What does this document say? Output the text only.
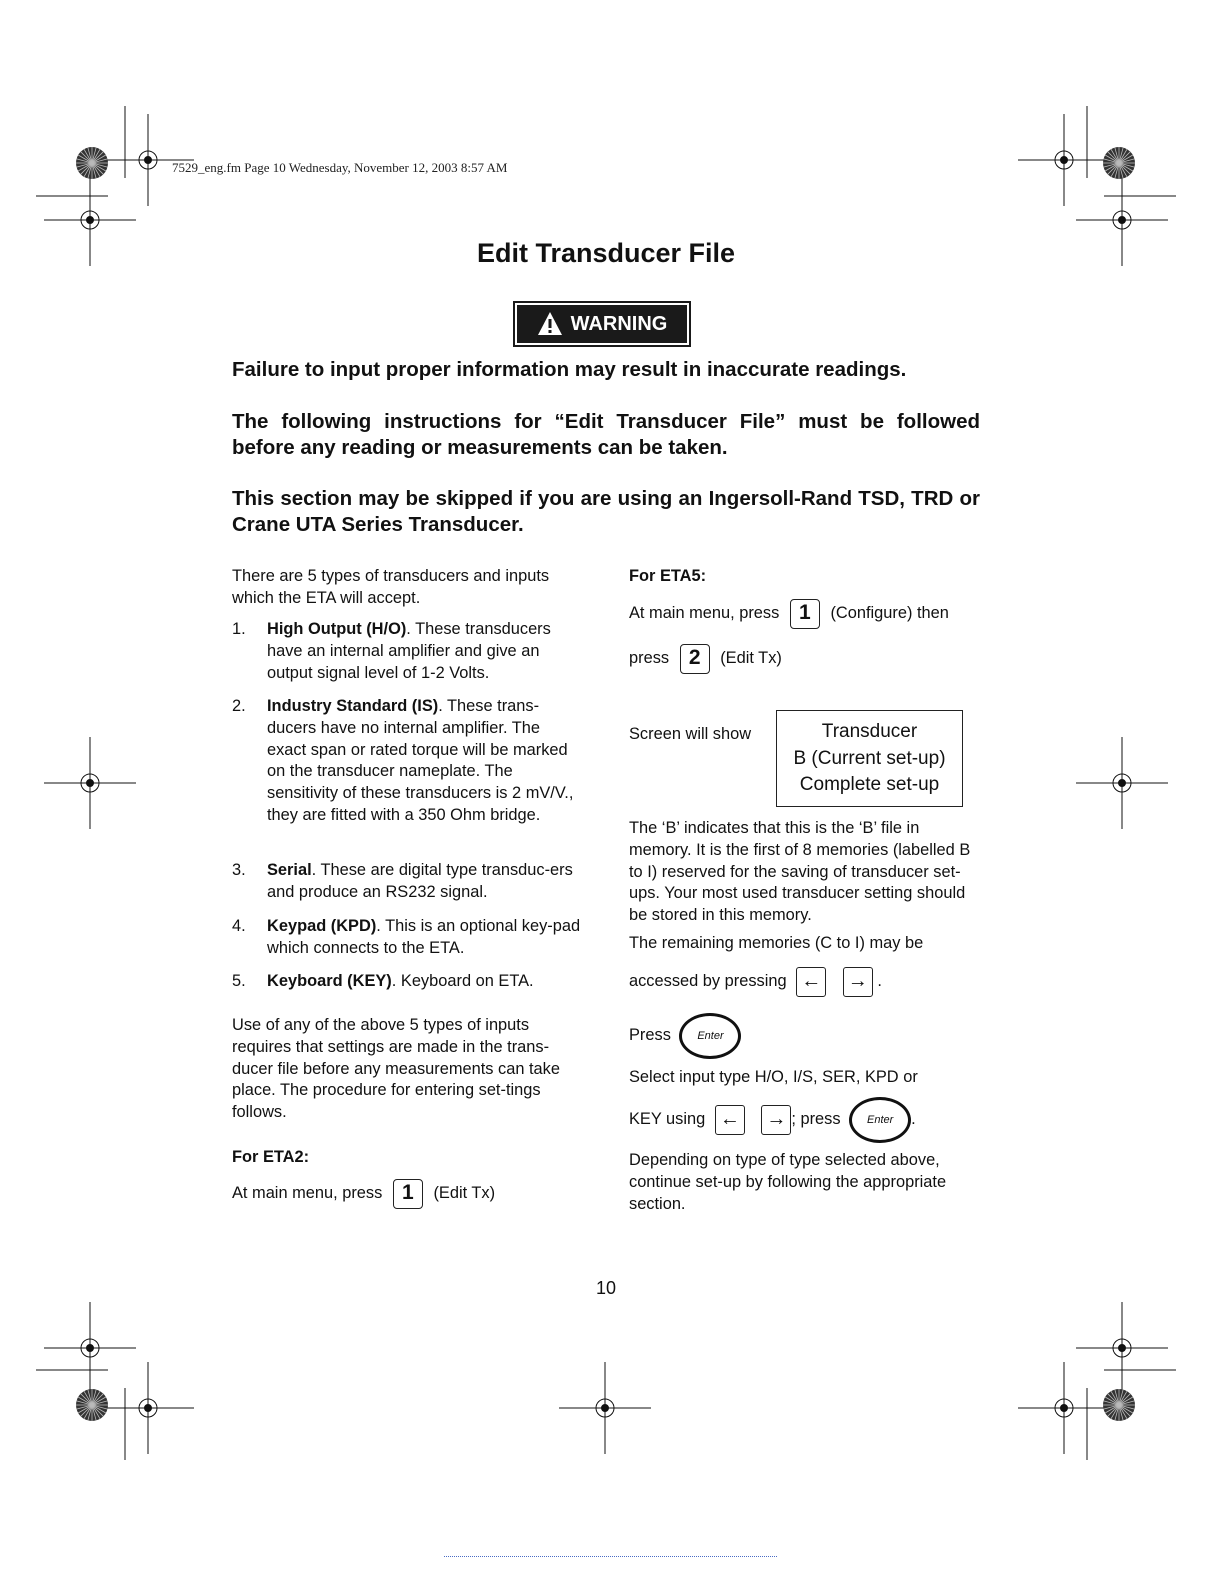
7529_eng.fm Page 10 Wednesday, November 12, 2003 8:57 AM
Edit Transducer File
WARNING
Failure to input proper information may result in inaccurate readings.
The following instructions for “Edit Transducer File” must be followed before any reading or measurements can be taken.
This section may be skipped if you are using an Ingersoll-Rand TSD, TRD or Crane UTA Series Transducer.
There are 5 types of transducers and inputs which the ETA will accept.
1. High Output (H/O). These transducers have an internal amplifier and give an output signal level of 1-2 Volts.
2. Industry Standard (IS). These trans-ducers have no internal amplifier. The exact span or rated torque will be marked on the transducer nameplate. The sensitivity of these transducers is 2 mV/V., they are fitted with a 350 Ohm bridge.
3. Serial. These are digital type transduc-ers and produce an RS232 signal.
4. Keypad (KPD). This is an optional key-pad which connects to the ETA.
5. Keyboard (KEY). Keyboard on ETA.
Use of any of the above 5 types of inputs requires that settings are made in the trans-ducer file before any measurements can take place. The procedure for entering set-tings follows.
For ETA2:
At main menu, press 1 (Edit Tx)
For ETA5:
At main menu, press 1 (Configure) then
press 2 (Edit Tx)
Screen will show	Transducer
B (Current set-up)
Complete set-up
The ‘B’ indicates that this is the ‘B’ file in memory. It is the first of 8 memories (labelled B to I) reserved for the saving of transducer set-ups. Your most used transducer setting should be stored in this memory.
The remaining memories (C to I) may be
accessed by pressing ← → .
Press Enter
Select input type H/O, I/S, SER, KPD or
KEY using ← → ; press Enter .
Depending on type of type selected above, continue set-up by following the appropriate section.
10
